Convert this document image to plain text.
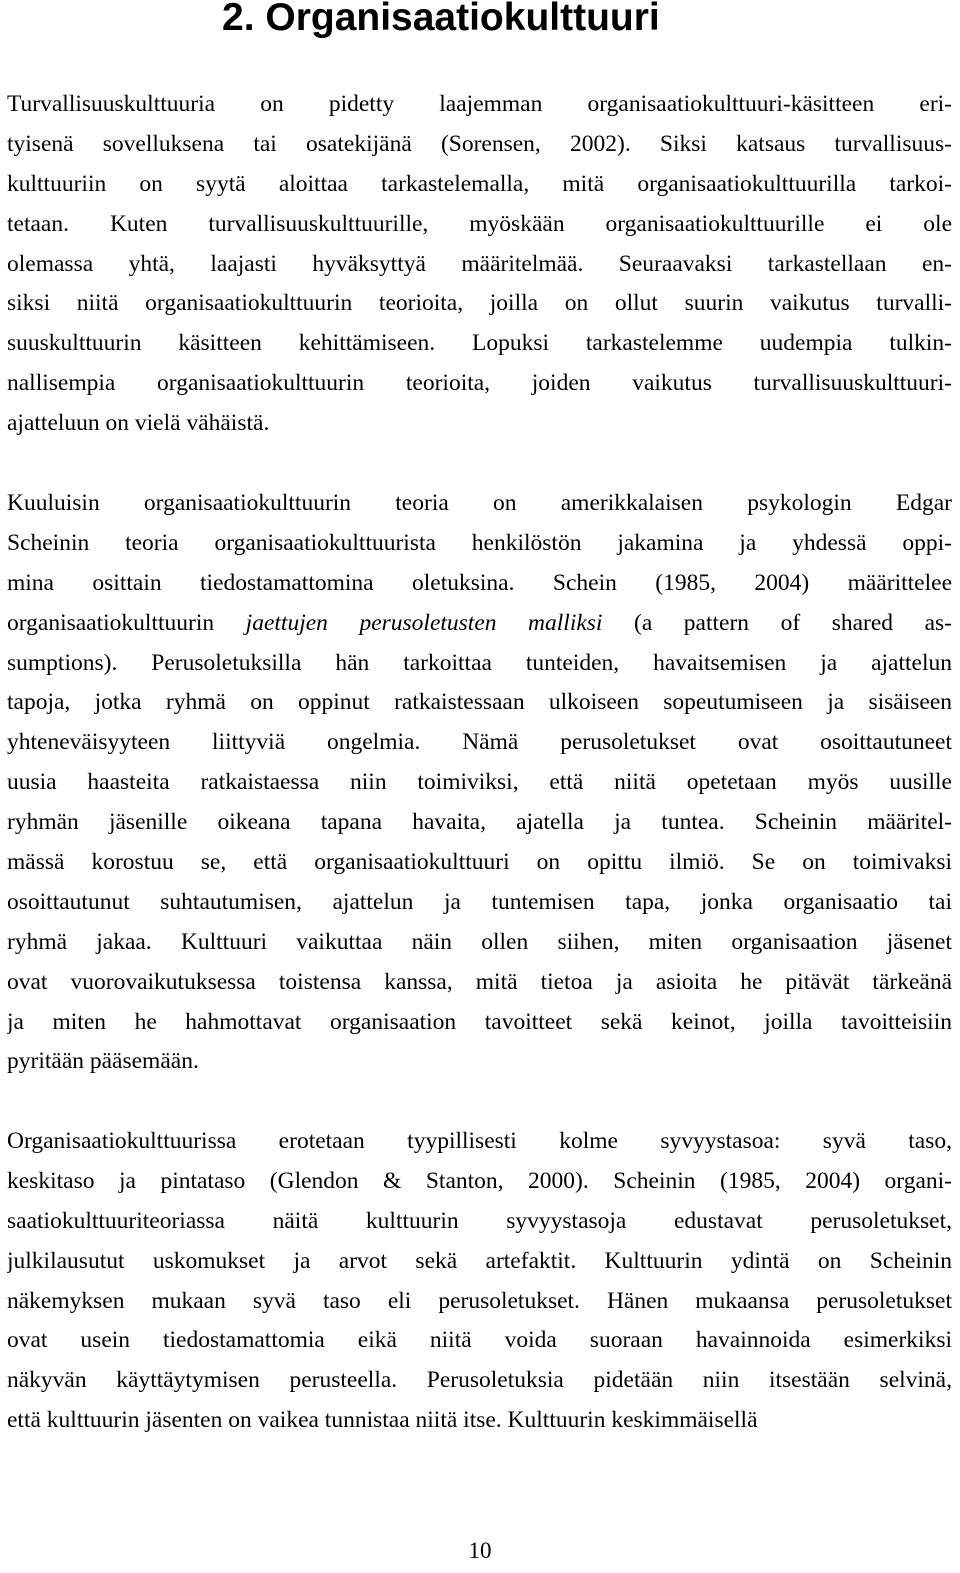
2. Organisaatiokulttuuri
Turvallisuuskulttuuria on pidetty laajemman organisaatiokulttuuri-käsitteen eri-
tyisenä sovelluksena tai osatekijänä (Sorensen, 2002). Siksi katsaus turvallisuus-
kulttuuriin on syytä aloittaa tarkastelemalla, mitä organisaatiokulttuurilla tarkoi-
tetaan. Kuten turvallisuuskulttuurille, myöskään organisaatiokulttuurille ei ole
olemassa yhtä, laajasti hyväksyttyä määritelmää. Seuraavaksi tarkastellaan en-
siksi niitä organisaatiokulttuurin teorioita, joilla on ollut suurin vaikutus turvalli-
suuskulttuurin käsitteen kehittämiseen. Lopuksi tarkastelemme uudempia tulkin-
nallisempia organisaatiokulttuurin teorioita, joiden vaikutus turvallisuuskulttuuri-
ajatteluun on vielä vähäistä.
Kuuluisin organisaatiokulttuurin teoria on amerikkalaisen psykologin Edgar
Scheinin teoria organisaatiokulttuurista henkilöstön jakamina ja yhdessä oppi-
mina osittain tiedostamattomina oletuksina. Schein (1985, 2004) määrittelee
organisaatiokulttuurin jaettujen perusoletusten malliksi (a pattern of shared as-
sumptions). Perusoletuksilla hän tarkoittaa tunteiden, havaitsemisen ja ajattelun
tapoja, jotka ryhmä on oppinut ratkaistessaan ulkoiseen sopeutumiseen ja sisäiseen
yhteneväisyyteen liittyviä ongelmia. Nämä perusoletukset ovat osoittautuneet
uusia haasteita ratkaistaessa niin toimiviksi, että niitä opetetaan myös uusille
ryhmän jäsenille oikeana tapana havaita, ajatella ja tuntea. Scheinin määritel-
mässä korostuu se, että organisaatiokulttuuri on opittu ilmiö. Se on toimivaksi
osoittautunut suhtautumisen, ajattelun ja tuntemisen tapa, jonka organisaatio tai
ryhmä jakaa. Kulttuuri vaikuttaa näin ollen siihen, miten organisaation jäsenet
ovat vuorovaikutuksessa toistensa kanssa, mitä tietoa ja asioita he pitävät tärkeänä
ja miten he hahmottavat organisaation tavoitteet sekä keinot, joilla tavoitteisiin
pyritään pääsemään.
Organisaatiokulttuurissa erotetaan tyypillisesti kolme syvyystasoa: syvä taso,
keskitaso ja pintataso (Glendon & Stanton, 2000). Scheinin (1985, 2004) organi-
saatiokulttuuriteoriassa näitä kulttuurin syvyystasoja edustavat perusoletukset,
julkilausutut uskomukset ja arvot sekä artefaktit. Kulttuurin ydintä on Scheinin
näkemyksen mukaan syvä taso eli perusoletukset. Hänen mukaansa perusoletukset
ovat usein tiedostamattomia eikä niitä voida suoraan havainnoida esimerkiksi
näkyvän käyttäytymisen perusteella. Perusoletuksia pidetään niin itsestään selvinä,
että kulttuurin jäsenten on vaikea tunnistaa niitä itse. Kulttuurin keskimmäisellä
10
